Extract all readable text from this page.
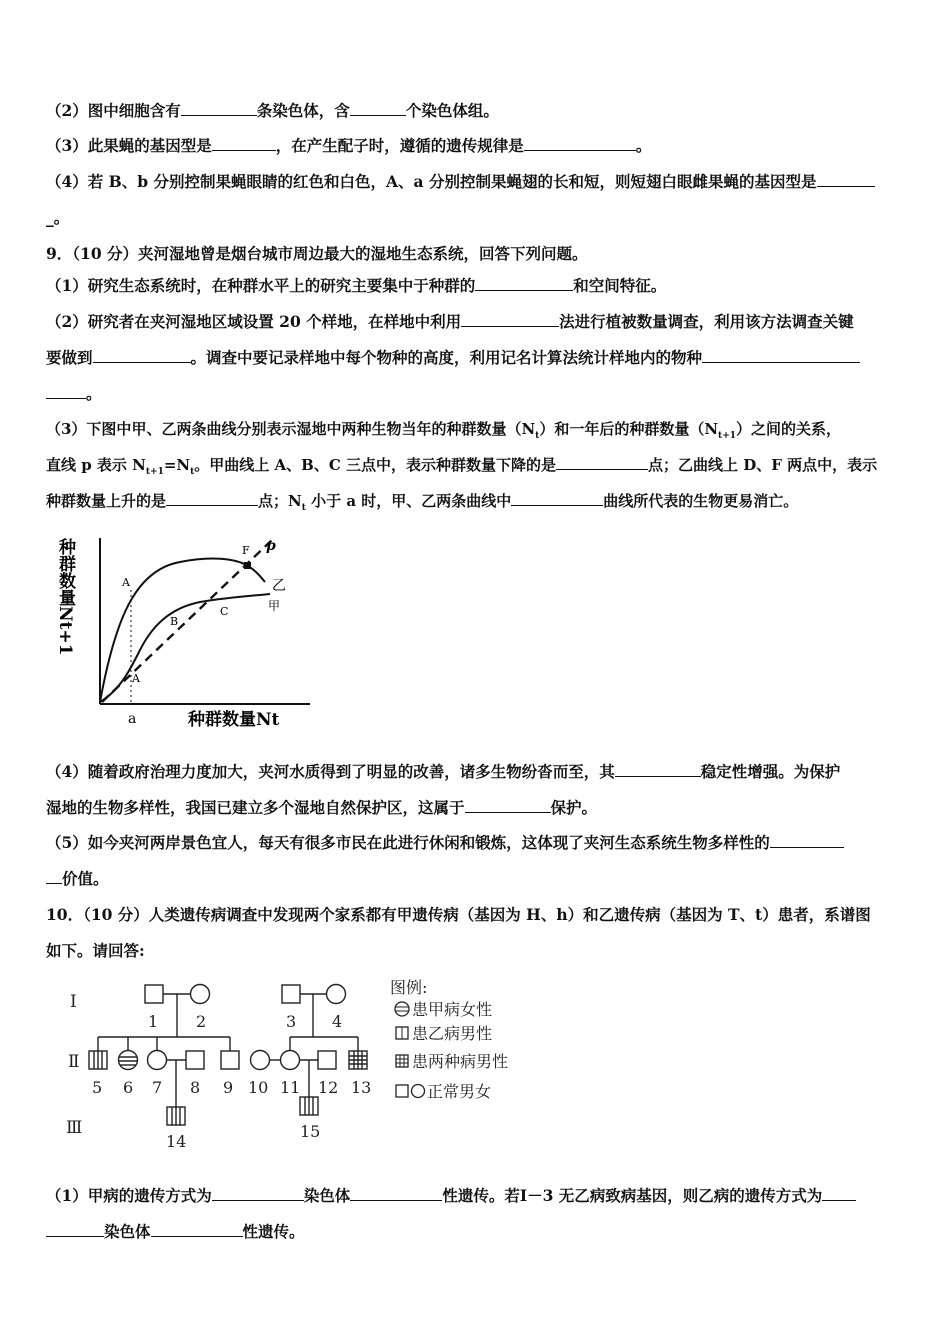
（2）图中细胞含有	条染色体，含	个染色体组。
（3）此果蝇的基因型是	，在产生配子时，遵循的遗传规律是	。
（4）若 B、b 分别控制果蝇眼睛的红色和白色，A、a 分别控制果蝇翅的长和短，则短翅白眼雌果蝇的基因型是
_。
9．（10 分）夹河湿地曾是烟台城市周边最大的湿地生态系统，回答下列问题。
（1）研究生态系统时，在种群水平上的研究主要集中于种群的	和空间特征。
（2）研究者在夹河湿地区域设置 20 个样地，在样地中利用	法进行植被数量调查，利用该方法调查关键
要做到	。调查中要记录样地中每个物种的高度，利用记名计算法统计样地内的物种
。
（3）下图中甲、乙两条曲线分别表示湿地中两种生物当年的种群数量$(N_t)$和一年后的种群数量$(N_{t+1})$之间的关系，
直线 p 表示 $N_{t+1}=N_t$。甲曲线上 A、B、C 三点中，表示种群数量下降的是	点；乙曲线上 D、F 两点中，表示
种群数量上升的是	点；$N_t$ 小于 a 时，甲、乙两条曲线中	曲线所代表的生物更易消亡。
种群数量Nt+1
种群数量Nt
a
p
乙
甲
A
F
B
C
A
（4）随着政府治理力度加大，夹河水质得到了明显的改善，诸多生物纷沓而至，其	稳定性增强。为保护
湿地的生物多样性，我国已建立多个湿地自然保护区，这属于	保护。
（5）如今夹河两岸景色宜人，每天有很多市民在此进行休闲和锻炼，这体现了夹河生态系统生物多样性的
价值。
10．（10 分）人类遗传病调查中发现两个家系都有甲遗传病（基因为 H、h）和乙遗传病（基因为 T、t）患者，系谱图
如下。请回答:
Ⅰ
Ⅱ
Ⅲ
1 2	3 4
5 6 7 8 9 10 11 12 13
14
15
图例:
患甲病女性
患乙病男性
患两种病男性
正常男女
（1）甲病的遗传方式为	染色体	性遗传。若Ⅰ－3 无乙病致病基因，则乙病的遗传方式为
染色体	性遗传。
